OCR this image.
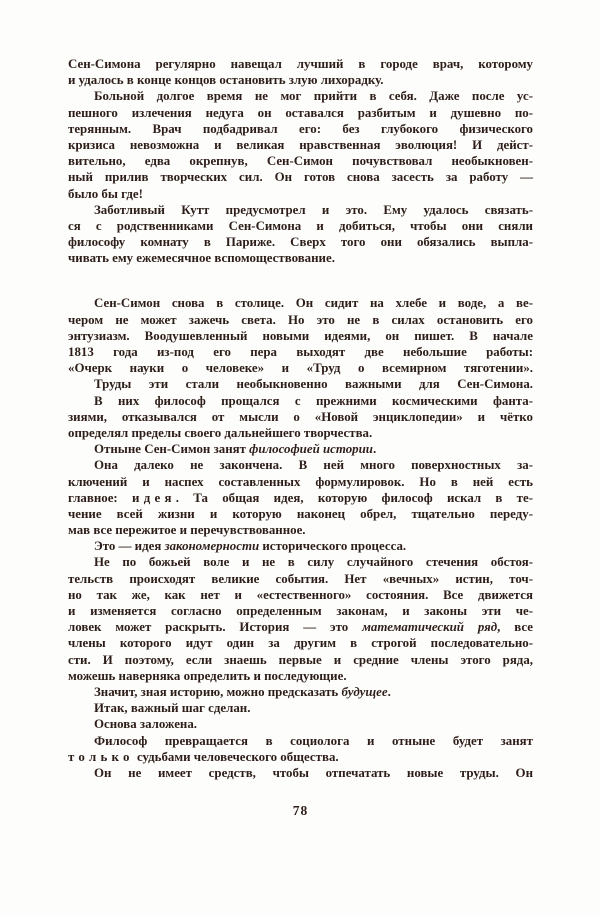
Сен-Симона регулярно навещал лучший в городе врач, которому
и удалось в конце концов остановить злую лихорадку.
Больной долгое время не мог прийти в себя. Даже после ус-
пешного излечения недуга он оставался разбитым и душевно по-
терянным. Врач подбадривал его: без глубокого физического
кризиса невозможна и великая нравственная эволюция! И дейст-
вительно, едва окрепнув, Сен-Симон почувствовал необыкновен-
ный прилив творческих сил. Он готов снова засесть за работу —
было бы где!
Заботливый Кутт предусмотрел и это. Ему удалось связать-
ся с родственниками Сен-Симона и добиться, чтобы они сняли
философу комнату в Париже. Сверх того они обязались выпла-
чивать ему ежемесячное вспомоществование.
Сен-Симон снова в столице. Он сидит на хлебе и воде, а ве-
чером не может зажечь света. Но это не в силах остановить его
энтузиазм. Воодушевленный новыми идеями, он пишет. В начале
1813 года из-под его пера выходят две небольшие работы:
«Очерк науки о человеке» и «Труд о всемирном тяготении».
Труды эти стали необыкновенно важными для Сен-Симона.
В них философ прощался с прежними космическими фанта-
зиями, отказывался от мысли о «Новой энциклопедии» и чётко
определял пределы своего дальнейшего творчества.
Отныне Сен-Симон занят философией истории.
Она далеко не закончена. В ней много поверхностных за-
ключений и наспех составленных формулировок. Но в ней есть
главное: идея. Та общая идея, которую философ искал в те-
чение всей жизни и которую наконец обрел, тщательно переду-
мав все пережитое и перечувствованное.
Это — идея закономерности исторического процесса.
Не по божьей воле и не в силу случайного стечения обстоя-
тельств происходят великие события. Нет «вечных» истин, точ-
но так же, как нет и «естественного» состояния. Все движется
и изменяется согласно определенным законам, и законы эти че-
ловек может раскрыть. История — это математический ряд, все
члены которого идут один за другим в строгой последовательно-
сти. И поэтому, если знаешь первые и средние члены этого ряда,
можешь наверняка определить и последующие.
Значит, зная историю, можно предсказать будущее.
Итак, важный шаг сделан.
Основа заложена.
Философ превращается в социолога и отныне будет занят
только судьбами человеческого общества.
Он не имеет средств, чтобы отпечатать новые труды. Он
78
